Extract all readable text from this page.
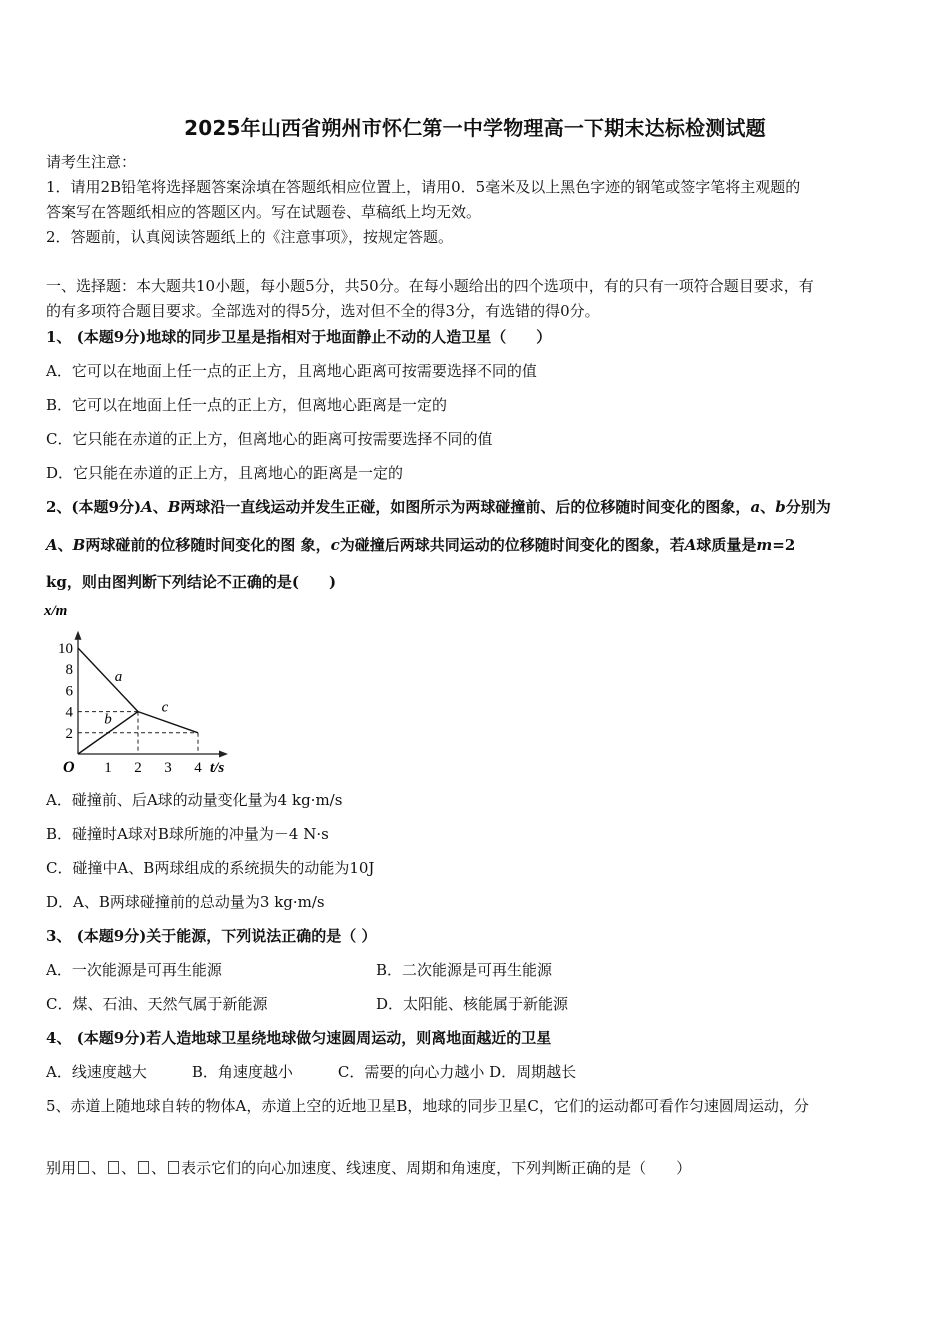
2025年山西省朔州市怀仁第一中学物理高一下期末达标检测试题
请考生注意：
1．请用2B铅笔将选择题答案涂填在答题纸相应位置上，请用0．5毫米及以上黑色字迹的钢笔或签字笔将主观题的
答案写在答题纸相应的答题区内。写在试题卷、草稿纸上均无效。
2．答题前，认真阅读答题纸上的《注意事项》，按规定答题。
一、选择题：本大题共10小题，每小题5分，共50分。在每小题给出的四个选项中，有的只有一项符合题目要求，有
的有多项符合题目要求。全部选对的得5分，选对但不全的得3分，有选错的得0分。
1、 (本题9分)地球的同步卫星是指相对于地面静止不动的人造卫星（　　）
A．它可以在地面上任一点的正上方，且离地心距离可按需要选择不同的值
B．它可以在地面上任一点的正上方，但离地心距离是一定的
C．它只能在赤道的正上方，但离地心的距离可按需要选择不同的值
D．它只能在赤道的正上方，且离地心的距离是一定的
2、(本题9分)A、B两球沿一直线运动并发生正碰，如图所示为两球碰撞前、后的位移随时间变化的图象，a、b分别为
A、B两球碰前的位移随时间变化的图 象，c为碰撞后两球共同运动的位移随时间变化的图象，若A球质量是m=2
kg，则由图判断下列结论不正确的是(　　)
x/m
t/s
O 1 2 3 4
2
4
6
8
10
a
b
c
A．碰撞前、后A球的动量变化量为4 kg·m/s
B．碰撞时A球对B球所施的冲量为－4 N·s
C．碰撞中A、B两球组成的系统损失的动能为10J
D．A、B两球碰撞前的总动量为3 kg·m/s
3、 (本题9分)关于能源，下列说法正确的是（ ）
A．一次能源是可再生能源	B．二次能源是可再生能源
C．煤、石油、天然气属于新能源	D．太阳能、核能属于新能源
4、 (本题9分)若人造地球卫星绕地球做匀速圆周运动，则离地面越近的卫星
A．线速度越大　　　B．角速度越小　　　C．需要的向心力越小 D．周期越长
5、赤道上随地球自转的物体A，赤道上空的近地卫星B，地球的同步卫星C，它们的运动都可看作匀速圆周运动，分
别用 、 、 、 表示它们的向心加速度、线速度、周期和角速度，下列判断正确的是（　　）
